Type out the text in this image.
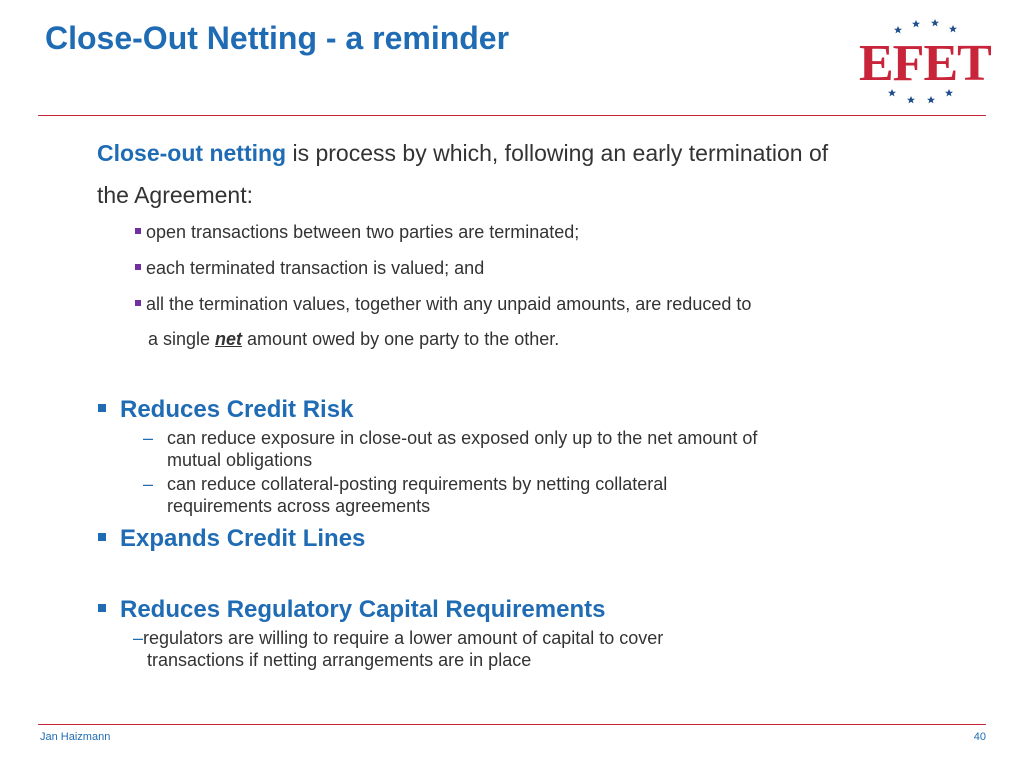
Close-Out Netting - a reminder	EFET

Close-out netting is process by which, following an early termination of the Agreement:

open transactions between two parties are terminated;
each terminated transaction is valued; and
all the termination values, together with any unpaid amounts, are reduced to
a single net amount owed by one party to the other.
Reduces Credit Risk
– can reduce exposure in close-out as exposed only up to the net amount of
mutual obligations
– can reduce collateral-posting requirements by netting collateral
requirements across agreements
Expands Credit Lines
Reduces Regulatory Capital Requirements
–regulators are willing to require a lower amount of capital to cover
transactions if netting arrangements are in place
Jan Haizmann	40
